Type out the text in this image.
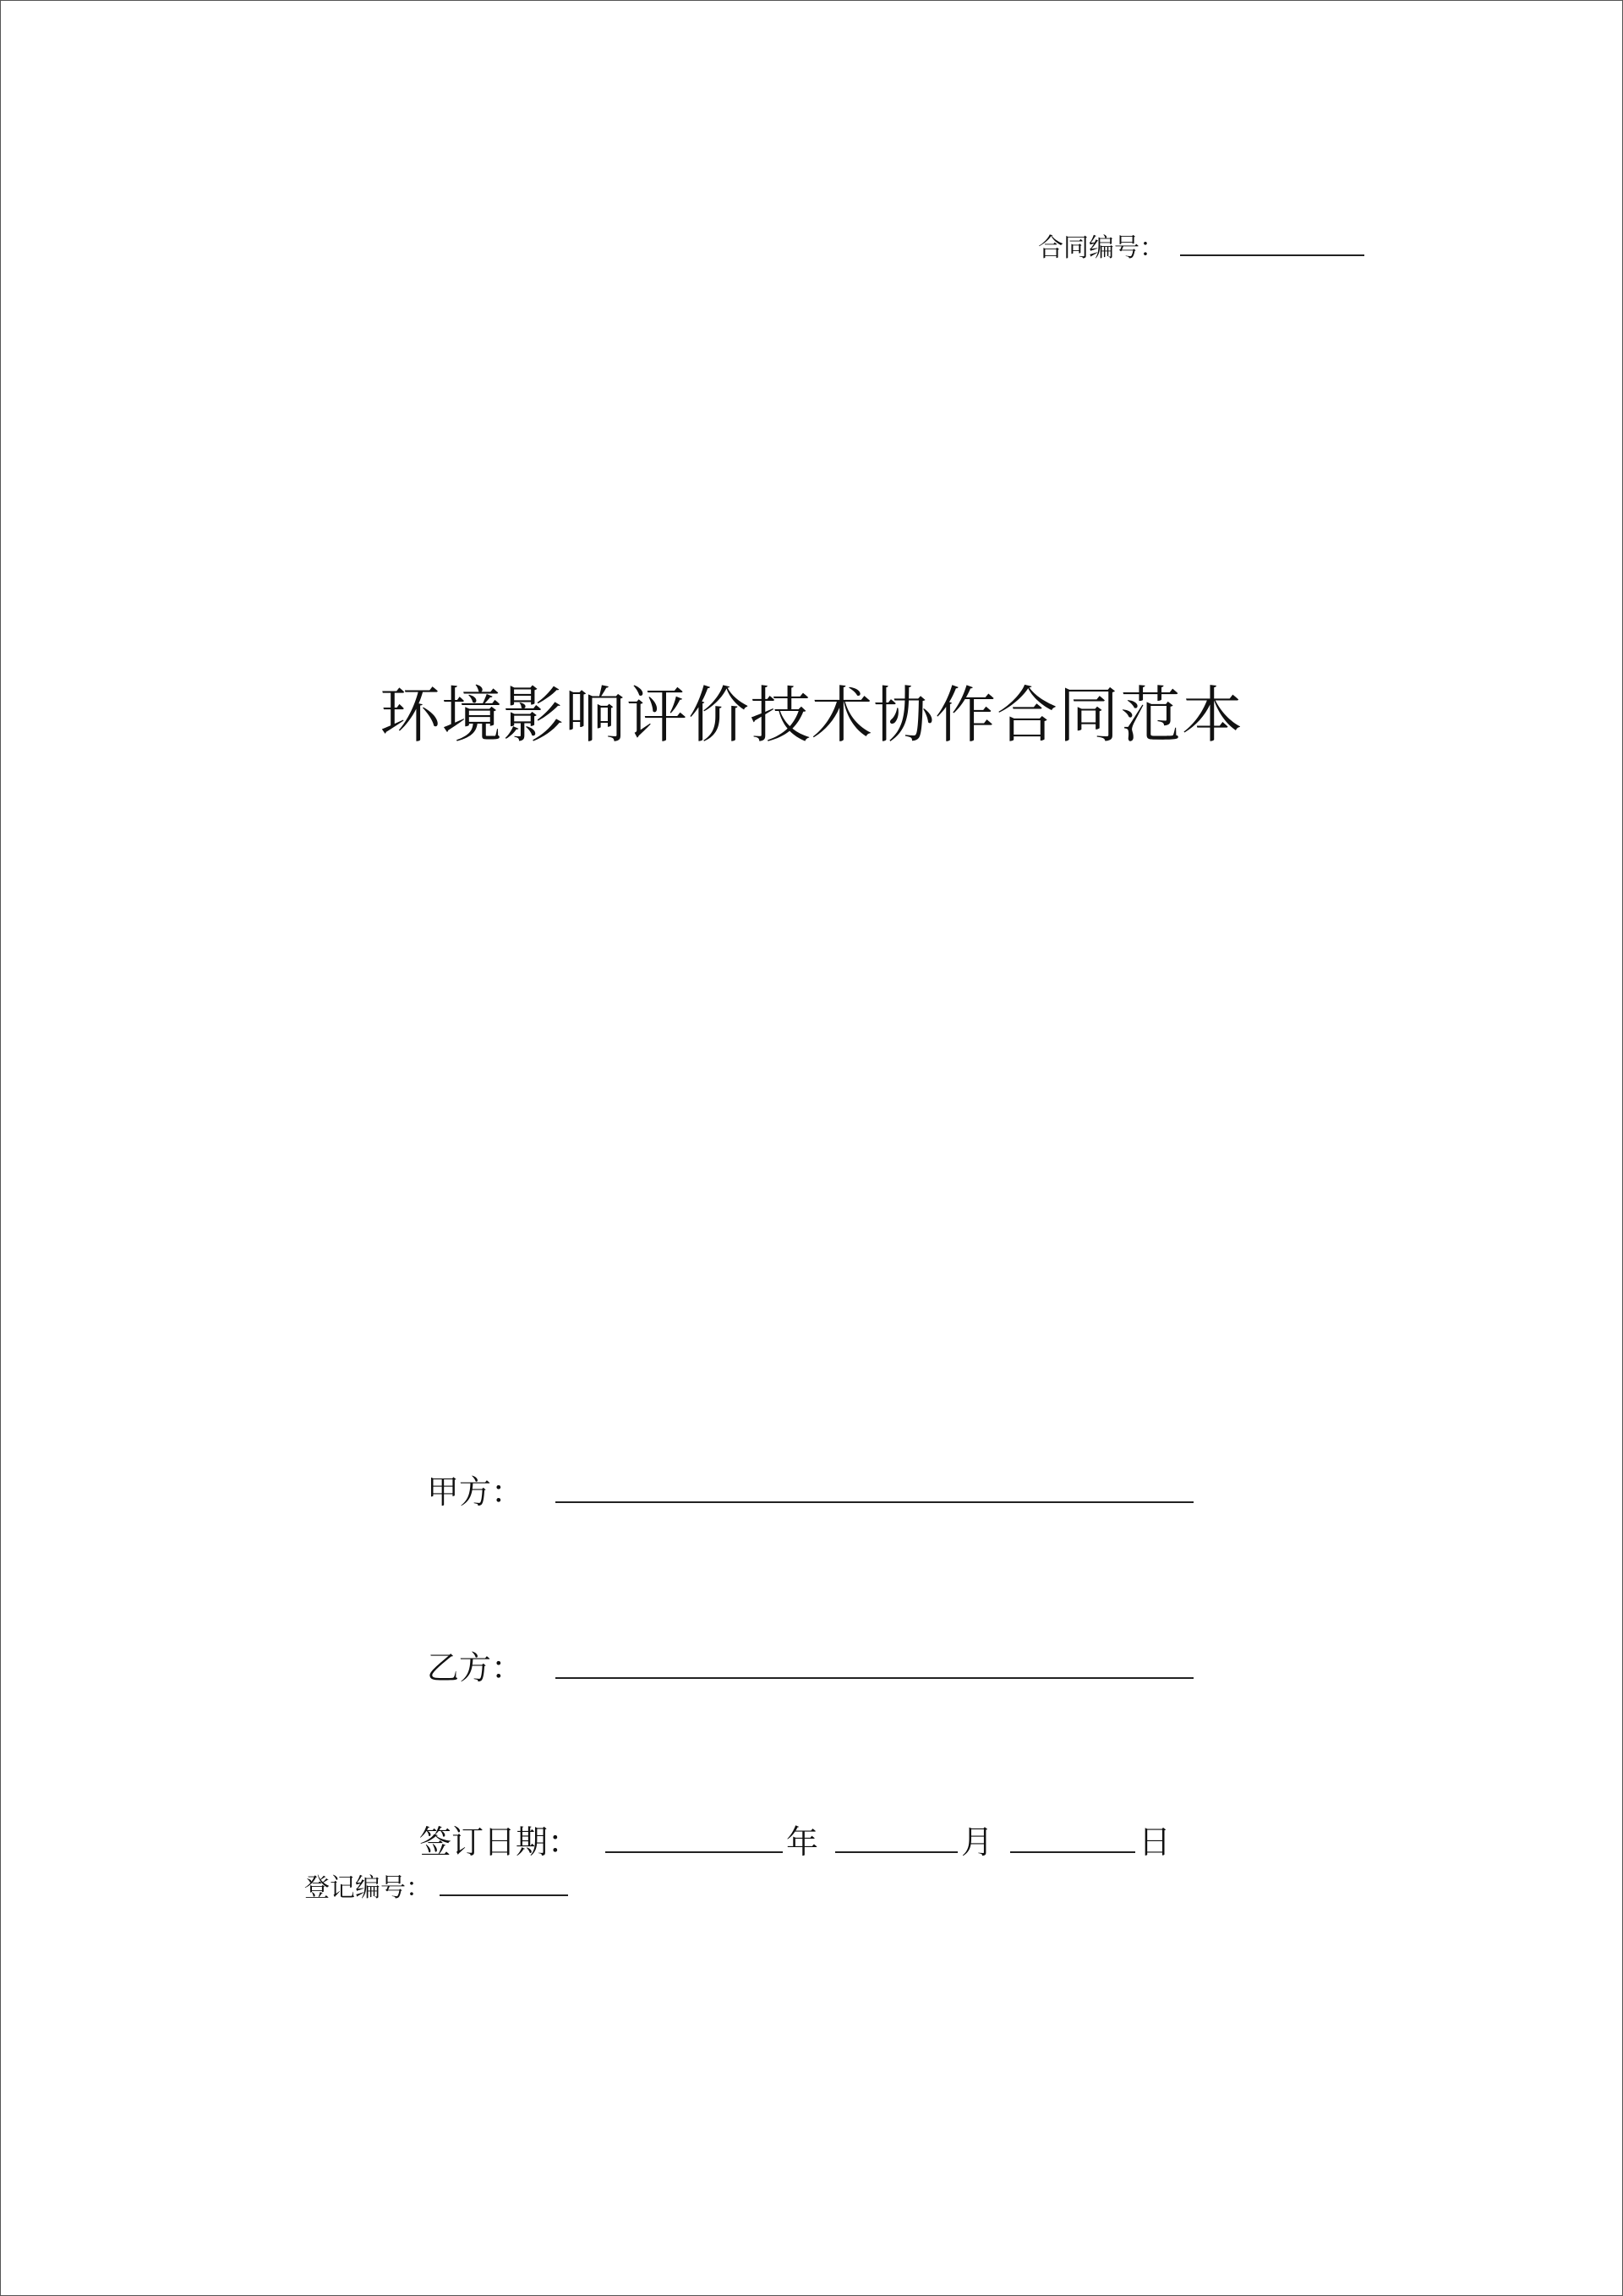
合同编号：
环境影响评价技术协作合同范本
甲方：
乙方：
签订日期：	年	月	日
登记编号：
